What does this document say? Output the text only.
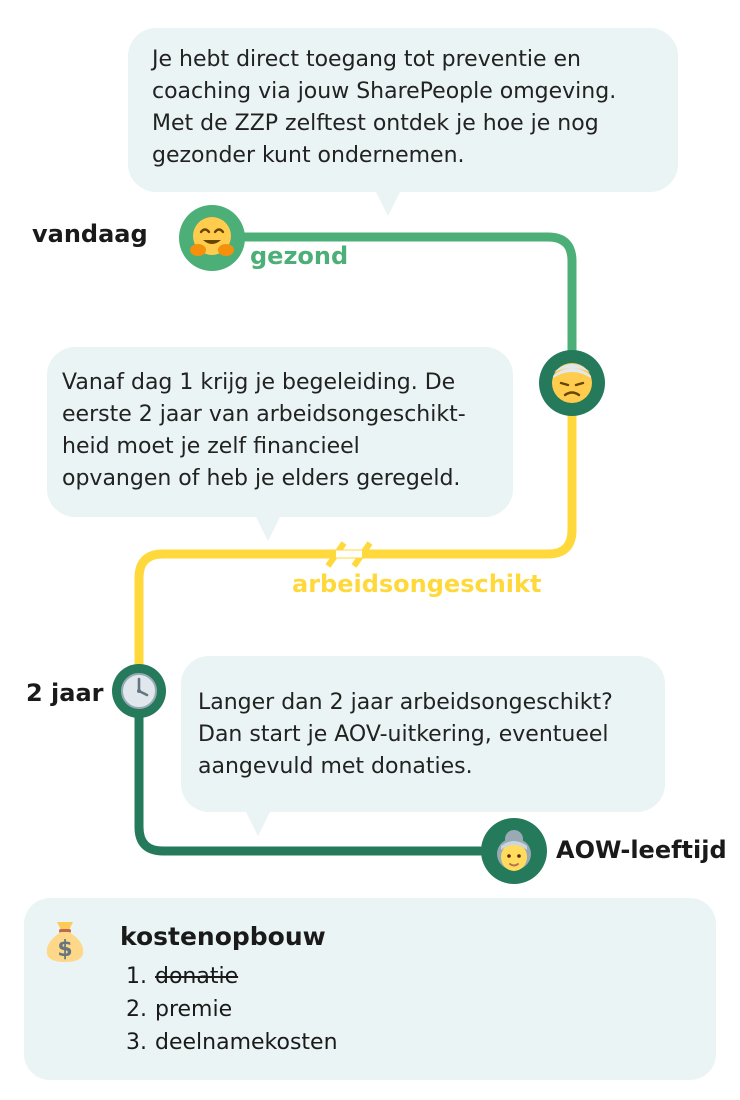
Je hebt direct toegang tot preventie en
coaching via jouw SharePeople omgeving.
Met de ZZP zelftest ontdek je hoe je nog
gezonder kunt ondernemen.
Vanaf dag 1 krijg je begeleiding. De
eerste 2 jaar van arbeidsongeschikt-
heid moet je zelf financieel
opvangen of heb je elders geregeld.
Langer dan 2 jaar arbeidsongeschikt?
Dan start je AOV-uitkering, eventueel
aangevuld met donaties.
vandaag
2 jaar
AOW-leeftijd
gezond
arbeidsongeschikt
$ kostenopbouw
1. donatie
2. premie
3. deelnamekosten
